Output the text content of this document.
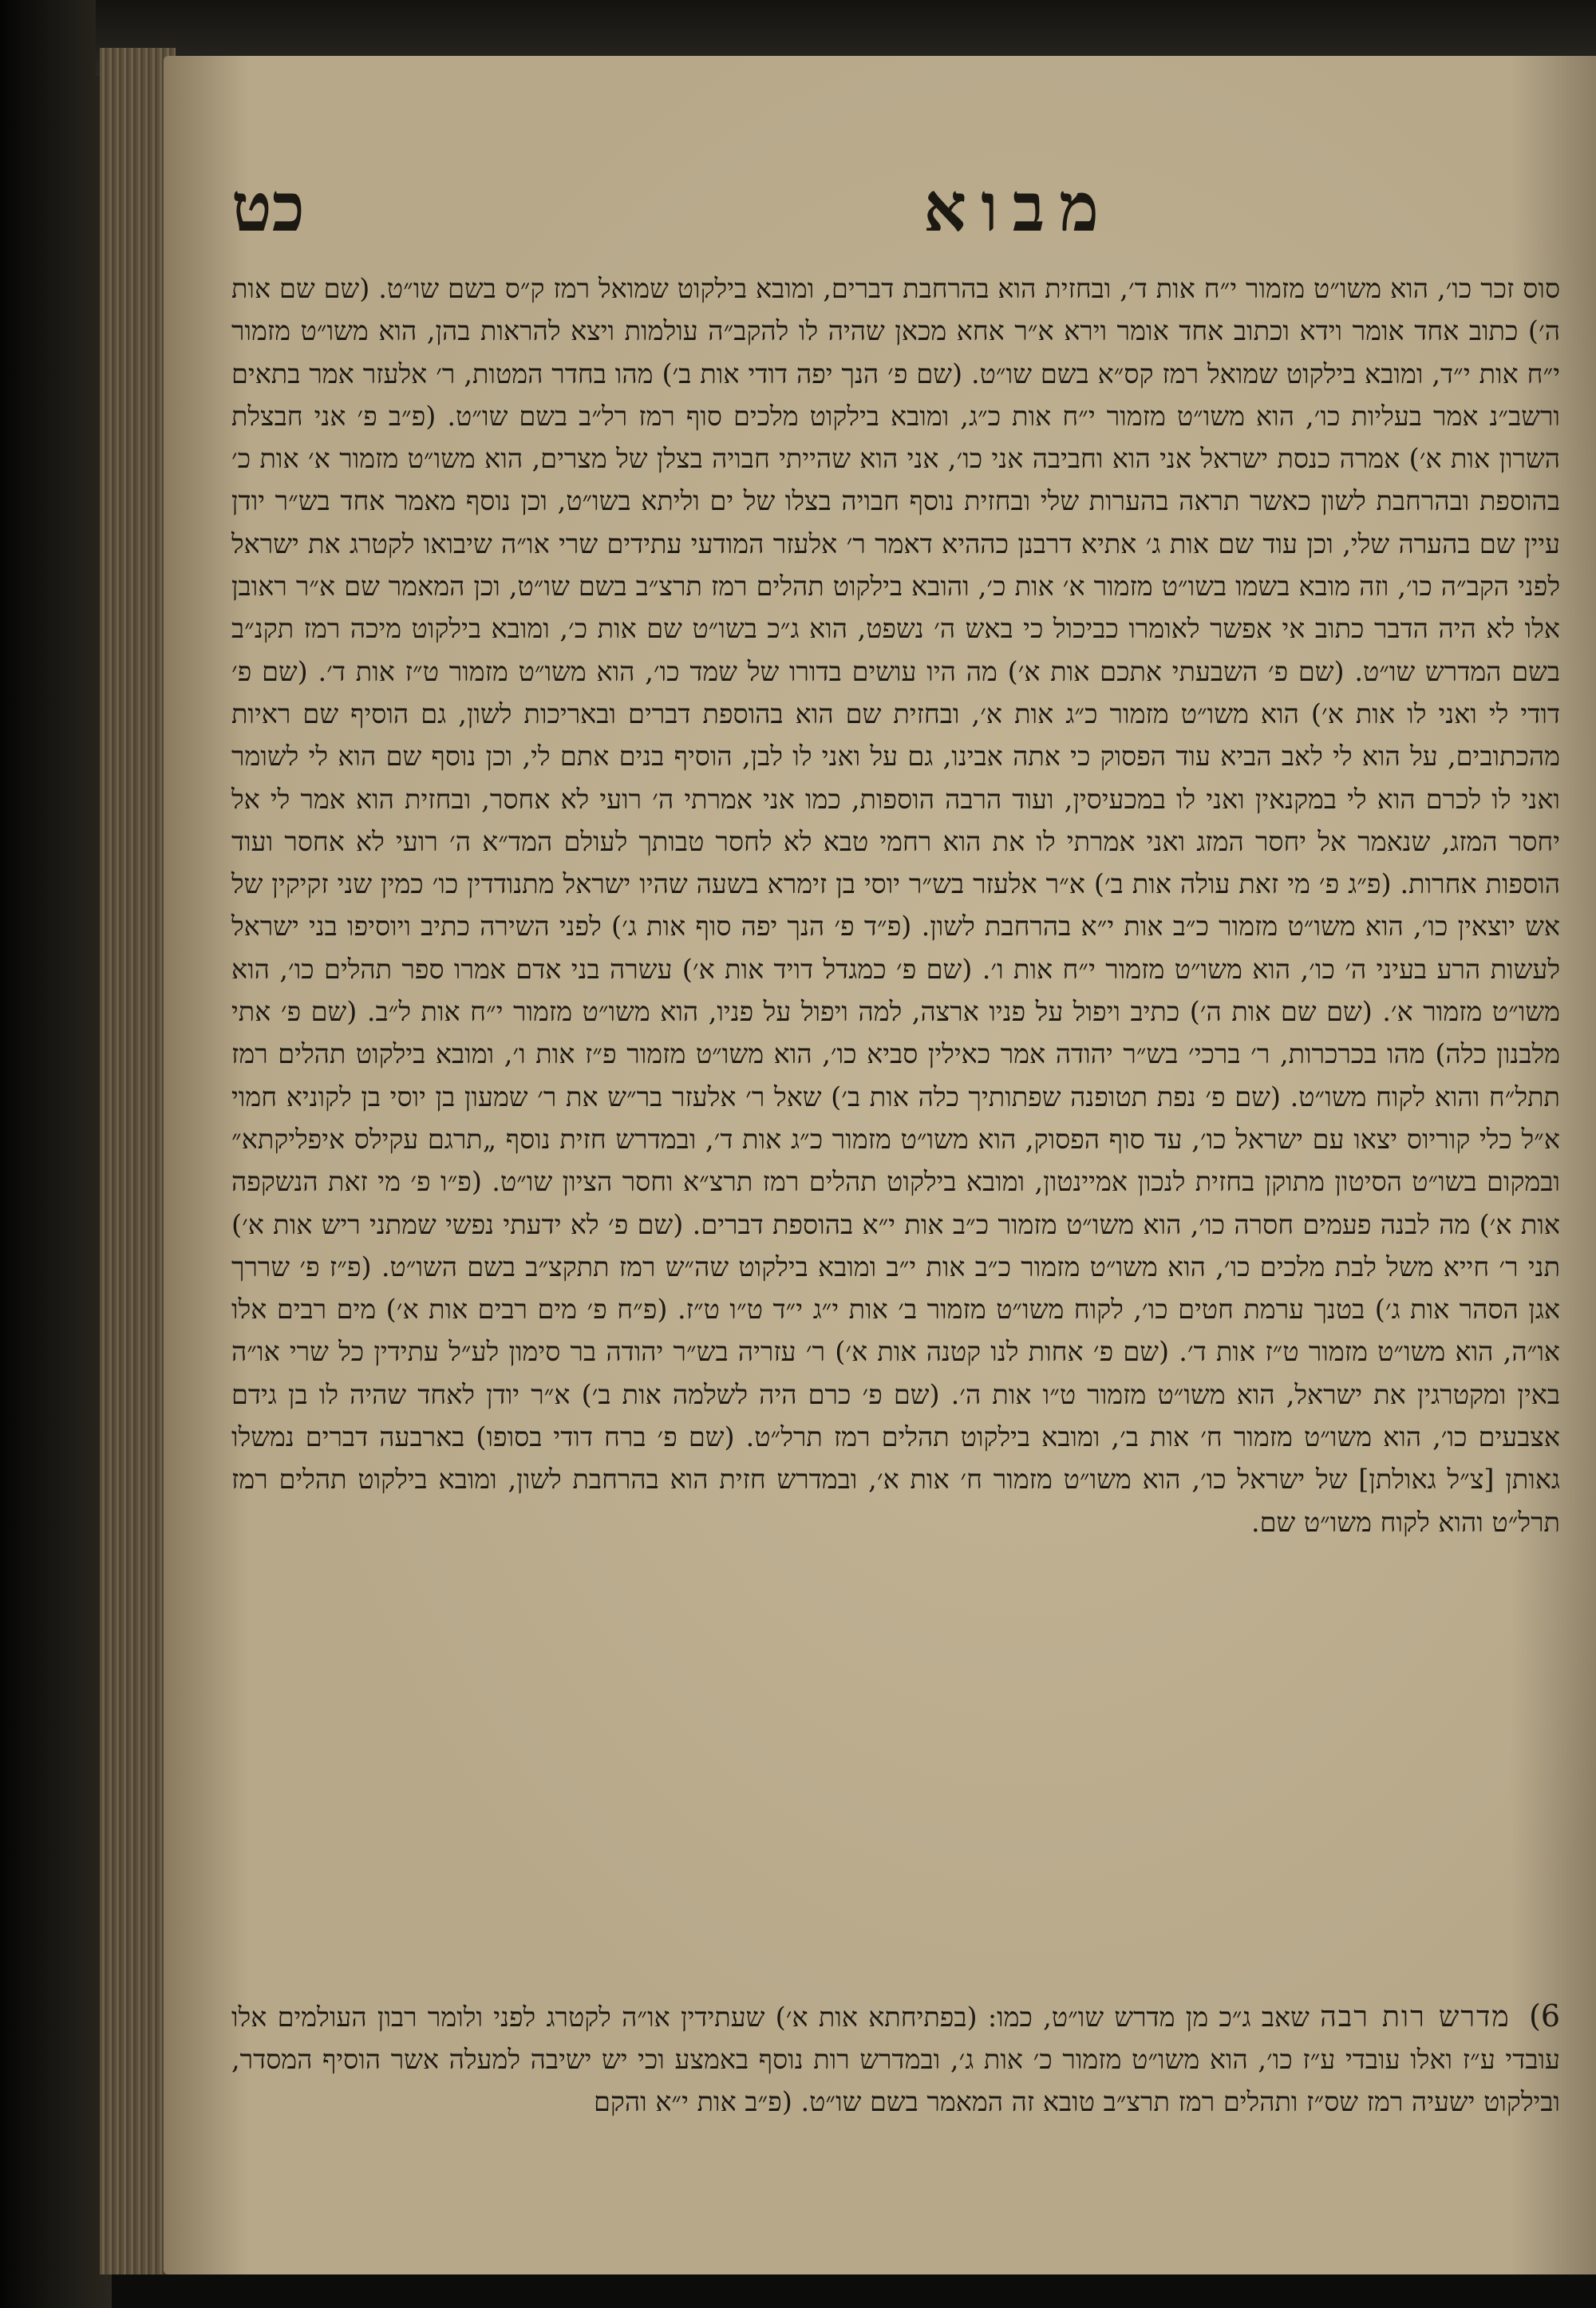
מבוא
כט
סוס זכר כו׳, הוא משו״ט מזמור י״ח אות ד׳, ובחזית הוא בהרחבת דברים, ומובא בילקוט שמואל רמז ק״ס בשם שו״ט. (שם שם אות ה׳) כתוב אחד אומר וידא וכתוב אחד אומר וירא א״ר אחא מכאן שהיה לו להקב״ה עולמות ויצא להראות בהן, הוא משו״ט מזמור י״ח אות י״ד, ומובא בילקוט שמואל רמז קס״א בשם שו״ט. (שם פ׳ הנך יפה דודי אות ב׳) מהו בחדר המטות, ר׳ אלעזר אמר בתאים ורשב״נ אמר בעליות כו׳, הוא משו״ט מזמור י״ח אות כ״ג, ומובא בילקוט מלכים סוף רמז רל״ב בשם שו״ט. (פ״ב פ׳ אני חבצלת השרון אות א׳) אמרה כנסת ישראל אני הוא וחביבה אני כו׳, אני הוא שהייתי חבויה בצלן של מצרים, הוא משו״ט מזמור א׳ אות כ׳ בהוספת ובהרחבת לשון כאשר תראה בהערות שלי ובחזית נוסף חבויה בצלו של ים וליתא בשו״ט, וכן נוסף מאמר אחד בש״ר יודן עיין שם בהערה שלי, וכן עוד שם אות ג׳ אתיא דרבנן כההיא דאמר ר׳ אלעזר המודעי עתידים שרי או״ה שיבואו לקטרג את ישראל לפני הקב״ה כו׳, וזה מובא בשמו בשו״ט מזמור א׳ אות כ׳, והובא בילקוט תהלים רמז תרצ״ב בשם שו״ט, וכן המאמר שם א״ר ראובן אלו לא היה הדבר כתוב אי אפשר לאומרו כביכול כי באש ה׳ נשפט, הוא ג״כ בשו״ט שם אות כ׳, ומובא בילקוט מיכה רמז תקנ״ב בשם המדרש שו״ט. (שם פ׳ השבעתי אתכם אות א׳) מה היו עושים בדורו של שמד כו׳, הוא משו״ט מזמור ט״ז אות ד׳. (שם פ׳ דודי לי ואני לו אות א׳) הוא משו״ט מזמור כ״ג אות א׳, ובחזית שם הוא בהוספת דברים ובאריכות לשון, גם הוסיף שם ראיות מהכתובים, על הוא לי לאב הביא עוד הפסוק כי אתה אבינו, גם על ואני לו לבן, הוסיף בנים אתם לי, וכן נוסף שם הוא לי לשומר ואני לו לכרם הוא לי במקנאין ואני לו במכעיסין, ועוד הרבה הוספות, כמו אני אמרתי ה׳ רועי לא אחסר, ובחזית הוא אמר לי אל יחסר המזג, שנאמר אל יחסר המזג ואני אמרתי לו את הוא רחמי טבא לא לחסר טבותך לעולם המד״א ה׳ רועי לא אחסר ועוד הוספות אחרות. (פ״ג פ׳ מי זאת עולה אות ב׳) א״ר אלעזר בש״ר יוסי בן זימרא בשעה שהיו ישראל מתנודדין כו׳ כמין שני זקיקין של אש יוצאין כו׳, הוא משו״ט מזמור כ״ב אות י״א בהרחבת לשון. (פ״ד פ׳ הנך יפה סוף אות ג׳) לפני השירה כתיב ויוסיפו בני ישראל לעשות הרע בעיני ה׳ כו׳, הוא משו״ט מזמור י״ח אות ו׳. (שם פ׳ כמגדל דויד אות א׳) עשרה בני אדם אמרו ספר תהלים כו׳, הוא משו״ט מזמור א׳. (שם שם אות ה׳) כתיב ויפול על פניו ארצה, למה ויפול על פניו, הוא משו״ט מזמור י״ח אות ל״ב. (שם פ׳ אתי מלבנון כלה) מהו בכרכרות, ר׳ ברכי׳ בש״ר יהודה אמר כאילין סביא כו׳, הוא משו״ט מזמור פ״ז אות ו׳, ומובא בילקוט תהלים רמז תתל״ח והוא לקוח משו״ט. (שם פ׳ נפת תטופנה שפתותיך כלה אות ב׳) שאל ר׳ אלעזר בר״ש את ר׳ שמעון בן יוסי בן לקוניא חמוי א״ל כלי קוריוס יצאו עם ישראל כו׳, עד סוף הפסוק, הוא משו״ט מזמור כ״ג אות ד׳, ובמדרש חזית נוסף „תרגם עקילס איפליקתא״ ובמקום בשו״ט הסיטון מתוקן בחזית לנכון אמיינטון, ומובא בילקוט תהלים רמז תרצ״א וחסר הציון שו״ט. (פ״ו פ׳ מי זאת הנשקפה אות א׳) מה לבנה פעמים חסרה כו׳, הוא משו״ט מזמור כ״ב אות י״א בהוספת דברים. (שם פ׳ לא ידעתי נפשי שמתני ריש אות א׳) תני ר׳ חייא משל לבת מלכים כו׳, הוא משו״ט מזמור כ״ב אות י״ב ומובא בילקוט שה״ש רמז תתקצ״ב בשם השו״ט. (פ״ז פ׳ שררך אגן הסהר אות ג׳) בטנך ערמת חטים כו׳, לקוח משו״ט מזמור ב׳ אות י״ג י״ד ט״ו ט״ז. (פ״ח פ׳ מים רבים אות א׳) מים רבים אלו או״ה, הוא משו״ט מזמור ט״ז אות ד׳. (שם פ׳ אחות לנו קטנה אות א׳) ר׳ עזריה בש״ר יהודה בר סימון לע״ל עתידין כל שרי או״ה באין ומקטרגין את ישראל, הוא משו״ט מזמור ט״ו אות ה׳. (שם פ׳ כרם היה לשלמה אות ב׳) א״ר יודן לאחד שהיה לו בן גידם אצבעים כו׳, הוא משו״ט מזמור ח׳ אות ב׳, ומובא בילקוט תהלים רמז תרל״ט. (שם פ׳ ברח דודי בסופו) בארבעה דברים נמשלו גאותן [צ״ל גאולתן] של ישראל כו׳, הוא משו״ט מזמור ח׳ אות א׳, ובמדרש חזית הוא בהרחבת לשון, ומובא בילקוט תהלים רמז תרל״ט והוא לקוח משו״ט שם.
6) מדרש רות רבה שאב ג״כ מן מדרש שו״ט, כמו: (בפתיחתא אות א׳) שעתידין או״ה לקטרג לפני ולומר רבון העולמים אלו עובדי ע״ז ואלו עובדי ע״ז כו׳, הוא משו״ט מזמור כ׳ אות ג׳, ובמדרש רות נוסף באמצע וכי יש ישיבה למעלה אשר הוסיף המסדר, ובילקוט ישעיה רמז שס״ז ותהלים רמז תרצ״ב טובא זה המאמר בשם שו״ט. (פ״ב אות י״א והקם
